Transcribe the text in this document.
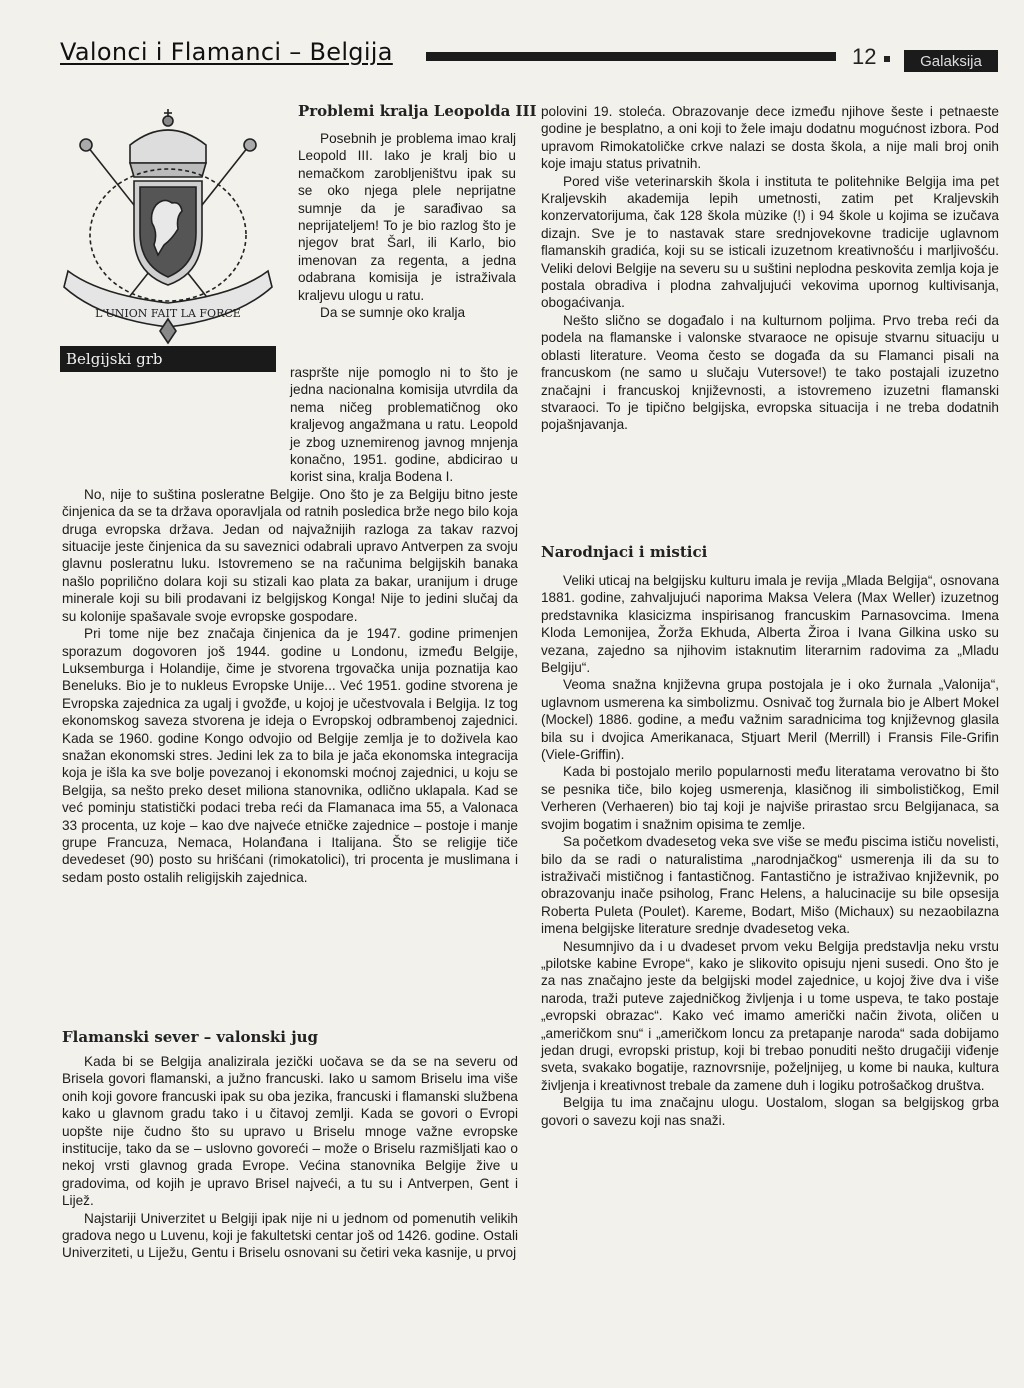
Valonci i Flamanci – Belgija	12	Galaksija
L'UNION FAIT LA FORCE
Belgijski grb
Problemi kralja Leopolda III

Posebnih je problema imao kralj Leopold III. Iako je kralj bio u nemačkom zarobljeništvu ipak su se oko njega plele neprijatne sumnje da je sarađivao sa neprijateljem! To je bio razlog što je njegov brat Šarl, ili Karlo, bio imenovan za regenta, a jedna odabrana komisija je istraživala kraljevu ulogu u ratu.

Da se sumnje oko kralja

raspršte nije pomoglo ni to što je jedna nacionalna komisija utvrdila da nema ničeg problematičnog oko kraljevog angažmana u ratu. Leopold je zbog uznemirenog javnog mnjenja konačno, 1951. godine, abdicirao u korist sina, kralja Bodena I.

No, nije to suština posleratne Belgije. Ono što je za Belgiju bitno jeste činjenica da se ta država oporavljala od ratnih posledica brže nego bilo koja druga evropska država. Jedan od najvažnijih razloga za takav razvoj situacije jeste činjenica da su saveznici odabrali upravo Antverpen za svoju glavnu posleratnu luku. Istovremeno se na računima belgijskih banaka našlo poprilično dolara koji su stizali kao plata za bakar, uranijum i druge minerale koji su bili prodavani iz belgijskog Konga! Nije to jedini slučaj da su kolonije spašavale svoje evropske gospodare.

Pri tome nije bez značaja činjenica da je 1947. godine primenjen sporazum dogovoren još 1944. godine u Londonu, između Belgije, Luksemburga i Holandije, čime je stvorena trgovačka unija poznatija kao Beneluks. Bio je to nukleus Evropske Unije... Već 1951. godine stvorena je Evropska zajednica za ugalj i gvožđe, u kojoj je učestvovala i Belgija. Iz tog ekonomskog saveza stvorena je ideja o Evropskoj odbrambenoj zajednici. Kada se 1960. godine Kongo odvojio od Belgije zemlja je to doživela kao snažan ekonomski stres. Jedini lek za to bila je jača ekonomska integracija koja je išla ka sve bolje povezanoj i ekonomski moćnoj zajednici, u koju se Belgija, sa nešto preko deset miliona stanovnika, odlično uklapala. Kad se već pominju statistički podaci treba reći da Flamanaca ima 55, a Valonaca 33 procenta, uz koje – kao dve najveće etničke zajednice – postoje i manje grupe Francuza, Nemaca, Holanđana i Italijana. Što se religije tiče devedeset (90) posto su hrišćani (rimokatolici), tri procenta je muslimana i sedam posto ostalih religijskih zajednica.

Flamanski sever – valonski jug

Kada bi se Belgija analizirala jezički uočava se da se na severu od Brisela govori flamanski, a južno francuski. Iako u samom Briselu ima više onih koji govore francuski ipak su oba jezika, francuski i flamanski službena kako u glavnom gradu tako i u čitavoj zemlji. Kada se govori o Evropi uopšte nije čudno što su upravo u Briselu mnoge važne evropske institucije, tako da se – uslovno govoreći – može o Briselu razmišljati kao o nekoj vrsti glavnog grada Evrope. Većina stanovnika Belgije žive u gradovima, od kojih je upravo Brisel najveći, a tu su i Antverpen, Gent i Lijež.

Najstariji Univerzitet u Belgiji ipak nije ni u jednom od pomenutih velikih gradova nego u Luvenu, koji je fakultetski centar još od 1426. godine. Ostali Univerziteti, u Liježu, Gentu i Briselu osnovani su četiri veka kasnije, u prvoj

polovini 19. stoleća. Obrazovanje dece između njihove šeste i petnaeste godine je besplatno, a oni koji to žele imaju dodatnu mogućnost izbora. Pod upravom Rimokatoličke crkve nalazi se dosta škola, a nije mali broj onih koje imaju status privatnih.

Pored više veterinarskih škola i instituta te politehnike Belgija ima pet Kraljevskih akademija lepih umetnosti, zatim pet Kraljevskih konzervatorijuma, čak 128 škola mùzike (!) i 94 škole u kojima se izučava dizajn. Sve je to nastavak stare srednjovekovne tradicije uglavnom flamanskih gradića, koji su se isticali izuzetnom kreativnošću i marljivošću. Veliki delovi Belgije na severu su u suštini neplodna peskovita zemlja koja je postala obradiva i plodna zahvaljujući vekovima upornog kultivisanja, obogaćivanja.

Nešto slično se događalo i na kulturnom poljima. Prvo treba reći da podela na flamanske i valonske stvaraoce ne opisuje stvarnu situaciju u oblasti literature. Veoma često se događa da su Flamanci pisali na francuskom (ne samo u slučaju Vutersove!) te tako postajali izuzetno značajni i francuskoj književnosti, a istovremeno izuzetni flamanski stvaraoci. To je tipično belgijska, evropska situacija i ne treba dodatnih pojašnjavanja.

Narodnjaci i mistici

Veliki uticaj na belgijsku kulturu imala je revija „Mlada Belgija“, osnovana 1881. godine, zahvaljujući naporima Maksa Velera (Max Weller) izuzetnog predstavnika klasicizma inspirisanog francuskim Parnasovcima. Imena Kloda Lemonijea, Žorža Ekhuda, Alberta Žiroa i Ivana Gilkina usko su vezana, zajedno sa njihovim istaknutim literarnim radovima za „Mladu Belgiju“.

Veoma snažna književna grupa postojala je i oko žurnala „Valonija“, uglavnom usmerena ka simbolizmu. Osnivač tog žurnala bio je Albert Mokel (Mockel) 1886. godine, a među važnim saradnicima tog književnog glasila bila su i dvojica Amerikanaca, Stjuart Meril (Merrill) i Fransis File-Grifin (Viele-Griffin).

Kada bi postojalo merilo popularnosti među literatama verovatno bi što se pesnika tiče, bilo kojeg usmerenja, klasičnog ili simbolističkog, Emil Verheren (Verhaeren) bio taj koji je najviše prirastao srcu Belgijanaca, sa svojim bogatim i snažnim opisima te zemlje.

Sa početkom dvadesetog veka sve više se među piscima ističu novelisti, bilo da se radi o naturalistima „narodnjačkog“ usmerenja ili da su to istraživači mističnog i fantastičnog. Fantastično je istraživao književnik, po obrazovanju inače psiholog, Franc Helens, a halucinacije su bile opsesija Roberta Puleta (Poulet). Kareme, Bodart, Mišo (Michaux) su nezaobilazna imena belgijske literature srednje dvadesetog veka.

Nesumnjivo da i u dvadeset prvom veku Belgija predstavlja neku vrstu „pilotske kabine Evrope“, kako je slikovito opisuju njeni susedi. Ono što je za nas značajno jeste da belgijski model zajednice, u kojoj žive dva i više naroda, traži puteve zajedničkog življenja i u tome uspeva, te tako postaje „evropski obrazac“. Kako već imamo američki način života, oličen u „američkom snu“ i „američkom loncu za pretapanje naroda“ sada dobijamo jedan drugi, evropski pristup, koji bi trebao ponuditi nešto drugačiji viđenje sveta, svakako bogatije, raznovrsnije, poželjnijeg, u kome bi nauka, kultura življenja i kreativnost trebale da zamene duh i logiku potrošačkog društva.

Belgija tu ima značajnu ulogu. Uostalom, slogan sa belgijskog grba govori o savezu koji nas snaži.
